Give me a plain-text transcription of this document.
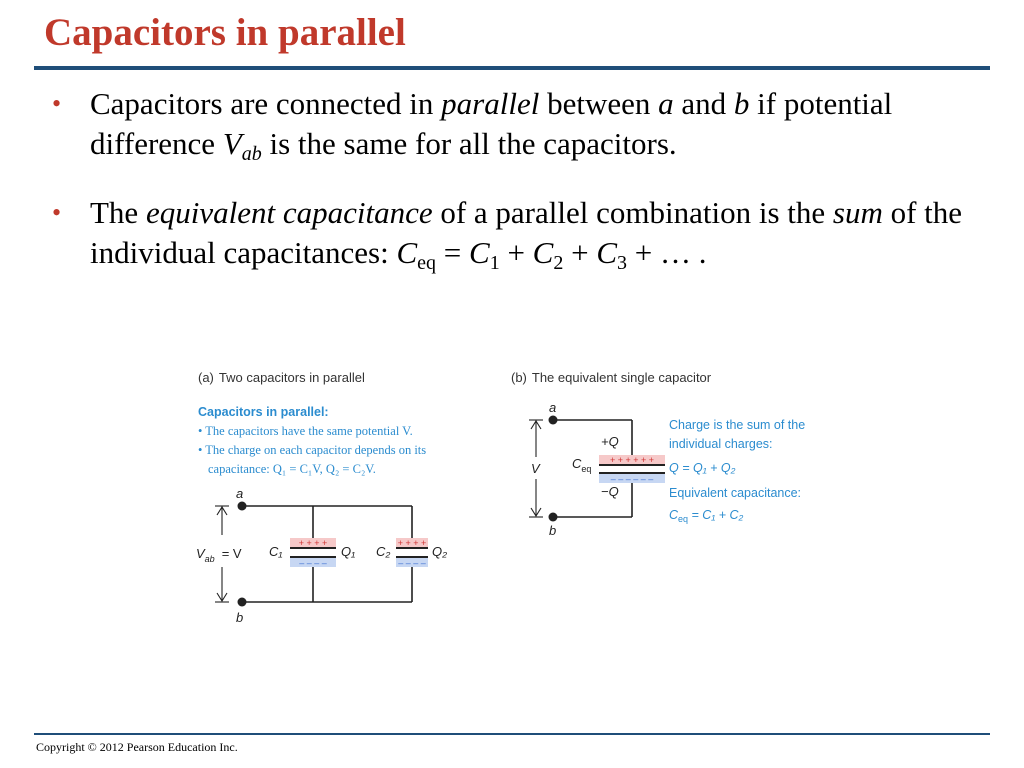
Capacitors in parallel
• Capacitors are connected in parallel between a and b if potential difference $V_{ab}$ is the same for all the capacitors.
• The equivalent capacitance of a parallel combination is the sum of the individual capacitances: $C_{eq} = C_1 + C_2 + C_3$ + … .
(a) Two capacitors in parallel
Capacitors in parallel:
• The capacitors have the same potential V.
• The charge on each capacitor depends on its
capacitance: Q₁ = C₁V, Q₂ = C₂V.
+ + + +
– – – –
+ + + +
– – – –
a
b
$V_{ab} = V$ C₁	Q₁ C₂	Q₂
(b) The equivalent single capacitor
+ + + + + +
– – – – – –
a
b
V
+Q
−Q
$C_{eq}$
Charge is the sum of the
individual charges:
Q = Q₁ + Q₂
Equivalent capacitance:
$C_{eq} = C_1 + C_2$
Copyright © 2012 Pearson Education Inc.
